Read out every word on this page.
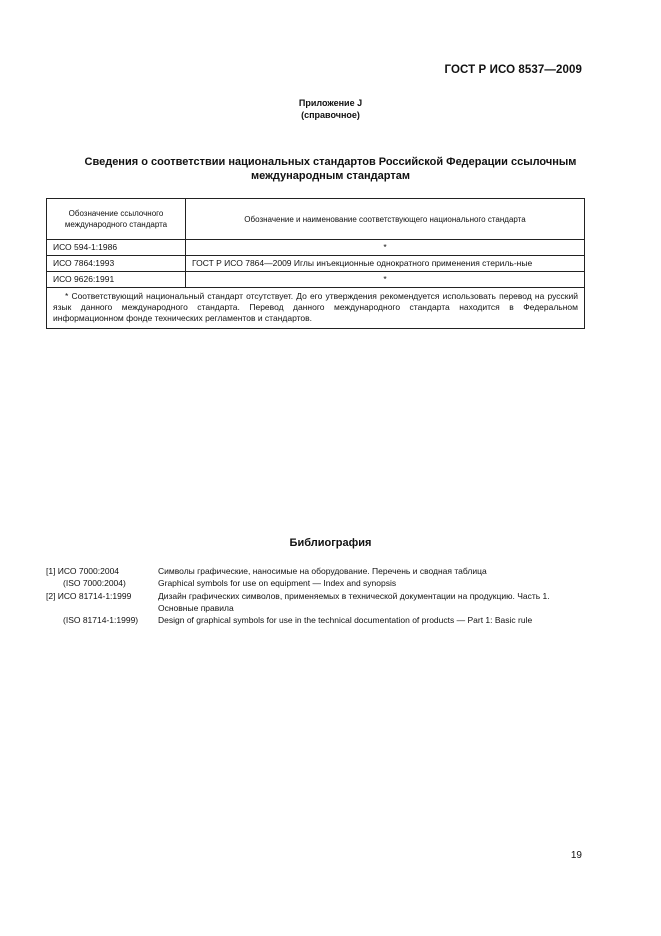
ГОСТ Р ИСО 8537—2009
Приложение J
(справочное)
Сведения о соответствии национальных стандартов Российской Федерации ссылочным международным стандартам
Обозначение ссылочного международного стандарта	Обозначение и наименование соответствующего национального стандарта
ИСО 594-1:1986	*
ИСО 7864:1993	ГОСТ Р ИСО 7864—2009 Иглы инъекционные однократного применения стериль-ные
ИСО 9626:1991	*
* Соответствующий национальный стандарт отсутствует. До его утверждения рекомендуется использовать перевод на русский язык данного международного стандарта. Перевод данного международного стандарта находится в Федеральном информационном фонде технических регламентов и стандартов.	
Библиография
[1] ИСО 7000:2004	Символы графические, наносимые на оборудование. Перечень и сводная таблица
(ISO 7000:2004)	Graphical symbols for use on equipment — Index and synopsis
[2] ИСО 81714-1:1999	Дизайн графических символов, применяемых в технической документации на продукцию. Часть 1. Основные правила
(ISO 81714-1:1999)	Design of graphical symbols for use in the technical documentation of products — Part 1: Basic rule
19
